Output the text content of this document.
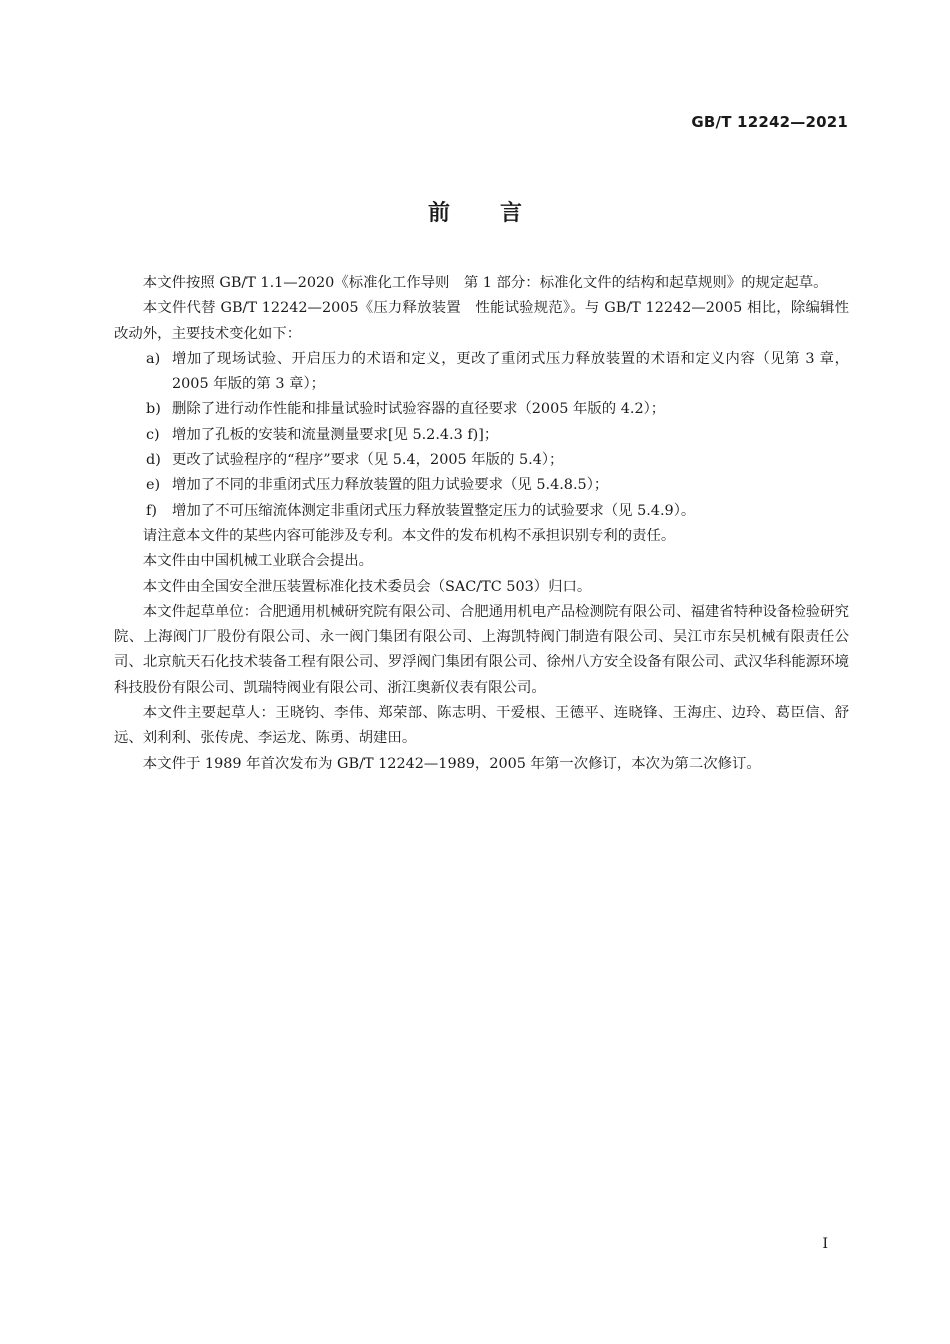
GB/T 12242—2021
前言

本文件按照 GB/T 1.1—2020《标准化工作导则　第 1 部分：标准化文件的结构和起草规则》的规定起草。

本文件代替 GB/T 12242—2005《压力释放装置　性能试验规范》。与 GB/T 12242—2005 相比，除编辑性改动外，主要技术变化如下：

a) 增加了现场试验、开启压力的术语和定义，更改了重闭式压力释放装置的术语和定义内容（见第 3 章，2005 年版的第 3 章）；
b) 删除了进行动作性能和排量试验时试验容器的直径要求（2005 年版的 4.2）；
c) 增加了孔板的安装和流量测量要求[见 5.2.4.3 f)]；
d) 更改了试验程序的“程序”要求（见 5.4，2005 年版的 5.4）；
e) 增加了不同的非重闭式压力释放装置的阻力试验要求（见 5.4.8.5）；
f)	增加了不可压缩流体测定非重闭式压力释放装置整定压力的试验要求（见 5.4.9）。

请注意本文件的某些内容可能涉及专利。本文件的发布机构不承担识别专利的责任。

本文件由中国机械工业联合会提出。

本文件由全国安全泄压装置标准化技术委员会（SAC/TC 503）归口。

本文件起草单位：合肥通用机械研究院有限公司、合肥通用机电产品检测院有限公司、福建省特种设备检验研究院、上海阀门厂股份有限公司、永一阀门集团有限公司、上海凯特阀门制造有限公司、吴江市东吴机械有限责任公司、北京航天石化技术装备工程有限公司、罗浮阀门集团有限公司、徐州八方安全设备有限公司、武汉华科能源环境科技股份有限公司、凯瑞特阀业有限公司、浙江奥新仪表有限公司。

本文件主要起草人：王晓钧、李伟、郑荣部、陈志明、干爱根、王德平、连晓锋、王海庄、边玲、葛臣信、舒远、刘利利、张传虎、李运龙、陈勇、胡建田。

本文件于 1989 年首次发布为 GB/T 12242—1989，2005 年第一次修订，本次为第二次修订。

I
